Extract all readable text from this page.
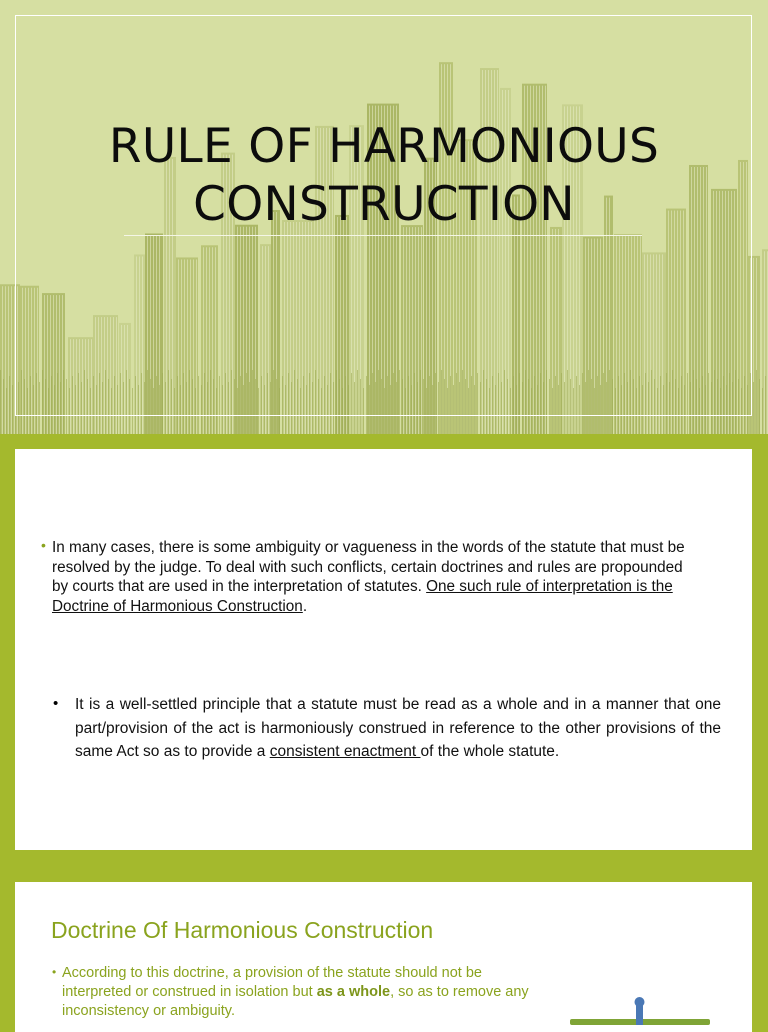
RULE OF HARMONIOUS
CONSTRUCTION
• In many cases, there is some ambiguity or vagueness in the words of the statute that must be resolved by the judge. To deal with such conflicts, certain doctrines and rules are propounded by courts that are used in the interpretation of statutes. One such rule of interpretation is the Doctrine of Harmonious Construction.
• It is a well-settled principle that a statute must be read as a whole and in a manner that one part/provision of the act is harmoniously construed in reference to the other provisions of the same Act so as to provide a consistent enactment of the whole statute.
Doctrine Of Harmonious Construction
• According to this doctrine, a provision of the statute should not be interpreted or construed in isolation but as a whole, so as to remove any inconsistency or ambiguity.
